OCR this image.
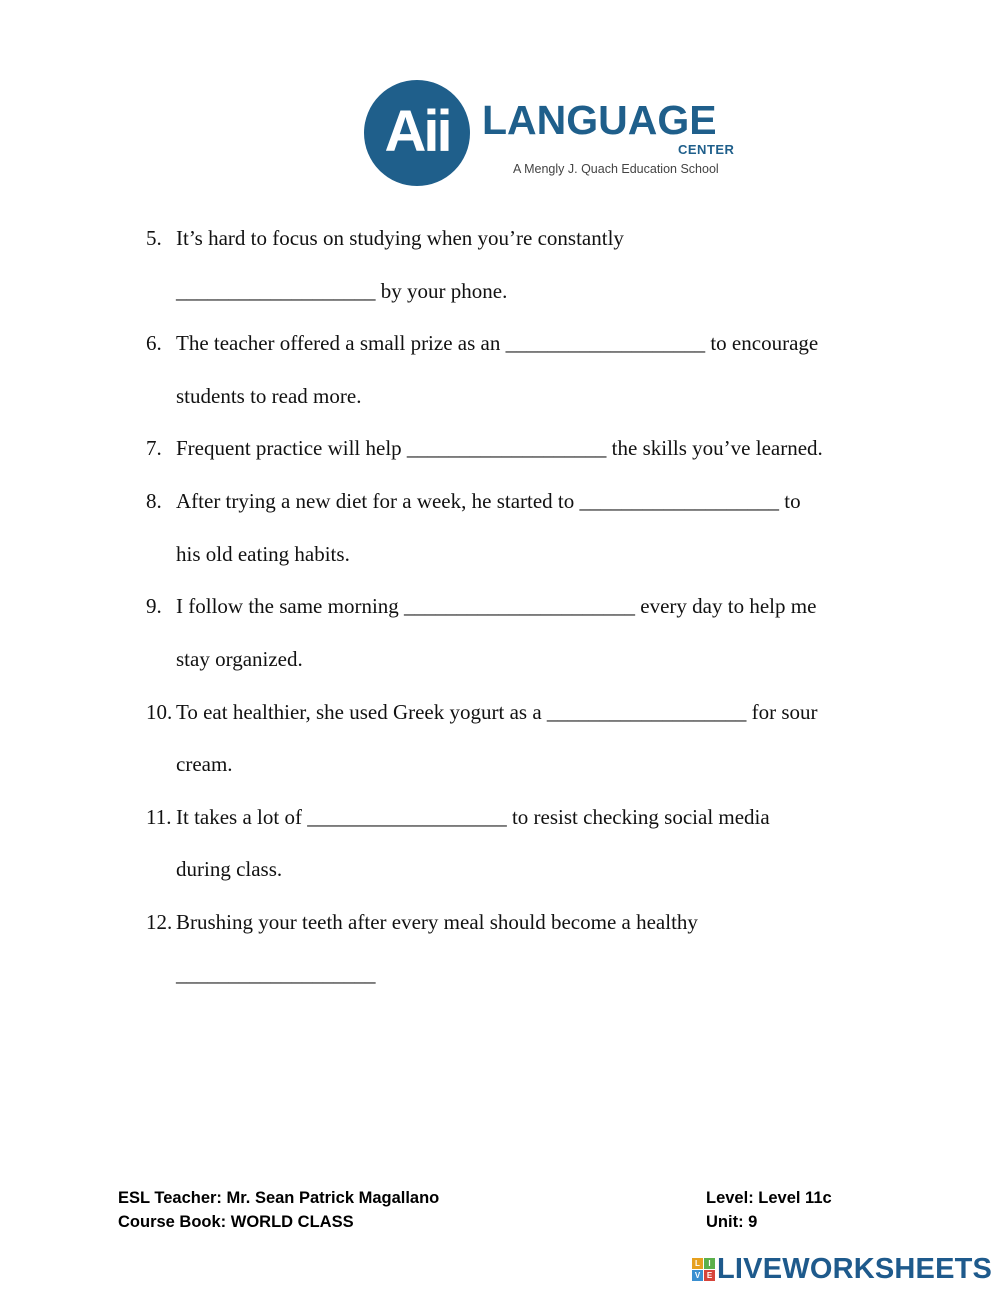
Aii LANGUAGE
CENTER
A Mengly J. Quach Education School
5. It’s hard to focus on studying when you’re constantly
___________________ by your phone.
6. The teacher offered a small prize as an ___________________ to encourage
students to read more.
7. Frequent practice will help ___________________ the skills you’ve learned.
8. After trying a new diet for a week, he started to ___________________ to
his old eating habits.
9. I follow the same morning ______________________ every day to help me
stay organized.
10. To eat healthier, she used Greek yogurt as a ___________________ for sour
cream.
11. It takes a lot of ___________________ to resist checking social media
during class.
12. Brushing your teeth after every meal should become a healthy
___________________
ESL Teacher: Mr. Sean Patrick Magallano
Course Book: WORLD CLASS
Level: Level 11c
Unit: 9
L	I
V E LIVEWORKSHEETS
